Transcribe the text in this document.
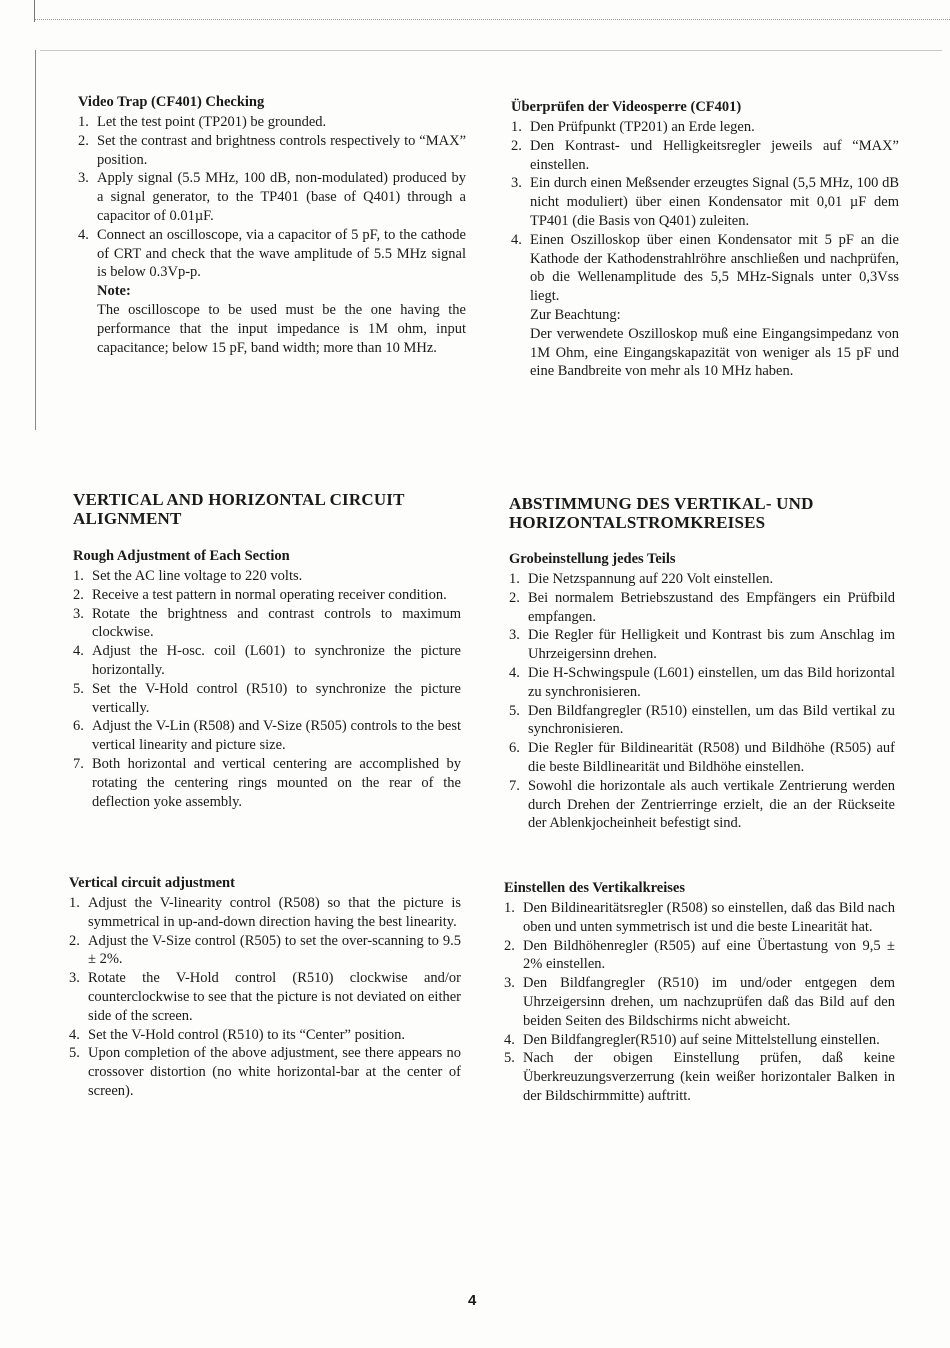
Video Trap (CF401) Checking
1. Let the test point (TP201) be grounded.
2. Set the contrast and brightness controls respectively to “MAX” position.
3. Apply signal (5.5 MHz, 100 dB, non-modulated) produced by a signal generator, to the TP401 (base of Q401) through a capacitor of 0.01µF.
4. Connect an oscilloscope, via a capacitor of 5 pF, to the cathode of CRT and check that the wave amplitude of 5.5 MHz signal is below 0.3Vp-p.
Note:
The oscilloscope to be used must be the one having the performance that the input impedance is 1M ohm, input capacitance; below 15 pF, band width; more than 10 MHz.
Überprüfen der Videosperre (CF401)
1. Den Prüfpunkt (TP201) an Erde legen.
2. Den Kontrast- und Helligkeitsregler jeweils auf “MAX” einstellen.
3. Ein durch einen Meßsender erzeugtes Signal (5,5 MHz, 100 dB nicht moduliert) über einen Kondensator mit 0,01 µF dem TP401 (die Basis von Q401) zuleiten.
4. Einen Oszilloskop über einen Kondensator mit 5 pF an die Kathode der Kathodenstrahlröhre anschließen und nachprüfen, ob die Wellenamplitude des 5,5 MHz-Signals unter 0,3Vss liegt.
Zur Beachtung:
Der verwendete Oszilloskop muß eine Eingangsimpedanz von 1M Ohm, eine Eingangskapazität von weniger als 15 pF und eine Bandbreite von mehr als 10 MHz haben.
VERTICAL AND HORIZONTAL CIRCUIT
ALIGNMENT
Rough Adjustment of Each Section
1. Set the AC line voltage to 220 volts.
2. Receive a test pattern in normal operating receiver condition.
3. Rotate the brightness and contrast controls to maximum clockwise.
4. Adjust the H-osc. coil (L601) to synchronize the picture horizontally.
5. Set the V-Hold control (R510) to synchronize the picture vertically.
6. Adjust the V-Lin (R508) and V-Size (R505) controls to the best vertical linearity and picture size.
7. Both horizontal and vertical centering are accomplished by rotating the centering rings mounted on the rear of the deflection yoke assembly.
Vertical circuit adjustment
1. Adjust the V-linearity control (R508) so that the picture is symmetrical in up-and-down direction having the best linearity.
2. Adjust the V-Size control (R505) to set the over-scanning to 9.5 ± 2%.
3. Rotate the V-Hold control (R510) clockwise and/or counterclockwise to see that the picture is not deviated on either side of the screen.
4. Set the V-Hold control (R510) to its “Center” position.
5. Upon completion of the above adjustment, see there appears no crossover distortion (no white horizontal-bar at the center of screen).
ABSTIMMUNG DES VERTIKAL- UND
HORIZONTALSTROMKREISES
Grobeinstellung jedes Teils
1. Die Netzspannung auf 220 Volt einstellen.
2. Bei normalem Betriebszustand des Empfängers ein Prüfbild empfangen.
3. Die Regler für Helligkeit und Kontrast bis zum Anschlag im Uhrzeigersinn drehen.
4. Die H-Schwingspule (L601) einstellen, um das Bild horizontal zu synchronisieren.
5. Den Bildfangregler (R510) einstellen, um das Bild vertikal zu synchronisieren.
6. Die Regler für Bildinearität (R508) und Bildhöhe (R505) auf die beste Bildlinearität und Bildhöhe einstellen.
7. Sowohl die horizontale als auch vertikale Zentrierung werden durch Drehen der Zentrierringe erzielt, die an der Rückseite der Ablenkjocheinheit befestigt sind.
Einstellen des Vertikalkreises
1. Den Bildinearitätsregler (R508) so einstellen, daß das Bild nach oben und unten symmetrisch ist und die beste Linearität hat.
2. Den Bildhöhenregler (R505) auf eine Übertastung von 9,5 ± 2% einstellen.
3. Den Bildfangregler (R510) im und/oder entgegen dem Uhrzeigersinn drehen, um nachzuprüfen daß das Bild auf den beiden Seiten des Bildschirms nicht abweicht.
4. Den Bildfangregler(R510) auf seine Mittelstellung einstellen.
5. Nach der obigen Einstellung prüfen, daß keine Überkreuzungsverzerrung (kein weißer horizontaler Balken in der Bildschirmmitte) auftritt.
4
